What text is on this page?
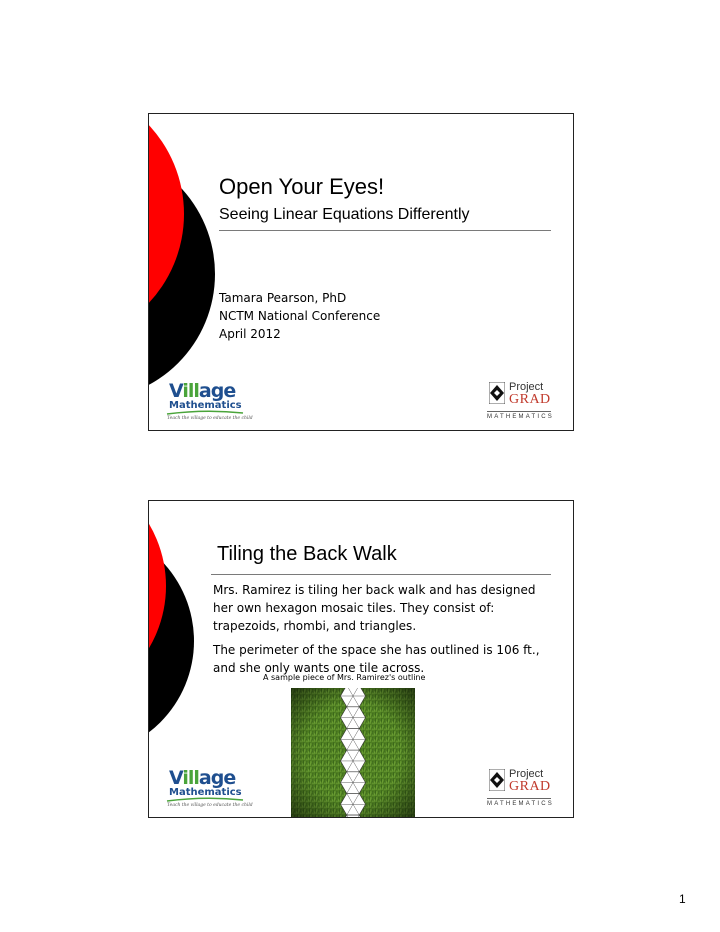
Open Your Eyes!
Seeing Linear Equations Differently
Tamara Pearson, PhD
NCTM National Conference
April 2012
Village
Mathematics
Teach the village to educate the child
Project
GRAD
MATHEMATICS
Tiling the Back Walk

Mrs. Ramirez is tiling her back walk and has designed her own hexagon mosaic tiles. They consist of: trapezoids, rhombi, and triangles.

The perimeter of the space she has outlined is 106 ft., and she only wants one tile across.

A sample piece of Mrs. Ramirez's outline
Village
Mathematics
Teach the village to educate the child
Project
GRAD
MATHEMATICS
1
